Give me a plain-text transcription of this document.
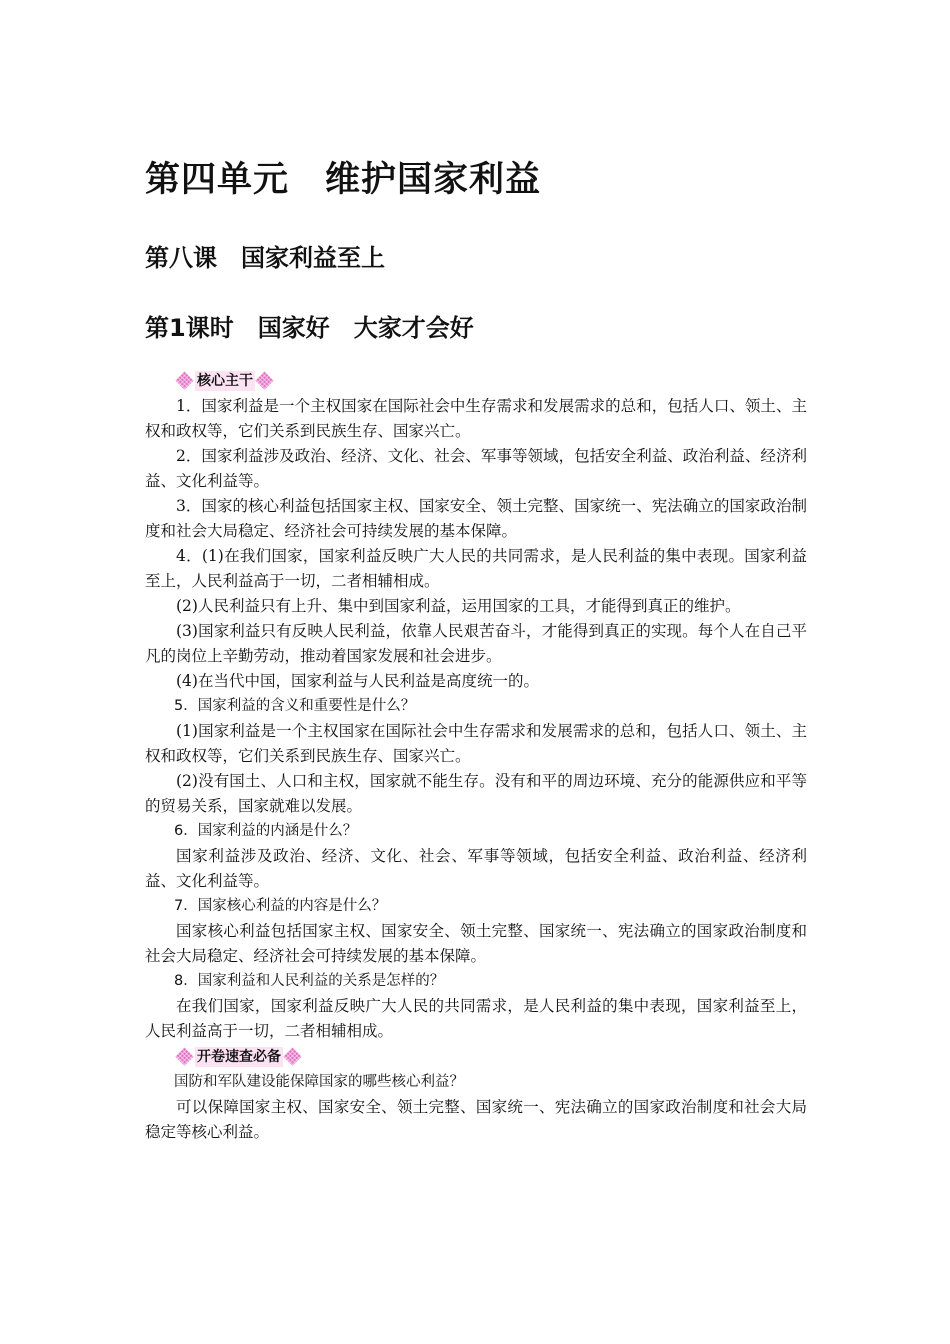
第四单元　维护国家利益
第八课　国家利益至上
第1课时　国家好　大家才会好
核心主干

1．国家利益是一个主权国家在国际社会中生存需求和发展需求的总和，包括人口、领土、主权和政权等，它们关系到民族生存、国家兴亡。

2．国家利益涉及政治、经济、文化、社会、军事等领域，包括安全利益、政治利益、经济利益、文化利益等。

3．国家的核心利益包括国家主权、国家安全、领土完整、国家统一、宪法确立的国家政治制度和社会大局稳定、经济社会可持续发展的基本保障。

4．(1)在我们国家，国家利益反映广大人民的共同需求，是人民利益的集中表现。国家利益至上，人民利益高于一切，二者相辅相成。

(2)人民利益只有上升、集中到国家利益，运用国家的工具，才能得到真正的维护。

(3)国家利益只有反映人民利益，依靠人民艰苦奋斗，才能得到真正的实现。每个人在自己平凡的岗位上辛勤劳动，推动着国家发展和社会进步。

(4)在当代中国，国家利益与人民利益是高度统一的。

5．国家利益的含义和重要性是什么？

(1)国家利益是一个主权国家在国际社会中生存需求和发展需求的总和，包括人口、领土、主权和政权等，它们关系到民族生存、国家兴亡。

(2)没有国土、人口和主权，国家就不能生存。没有和平的周边环境、充分的能源供应和平等的贸易关系，国家就难以发展。

6．国家利益的内涵是什么？

国家利益涉及政治、经济、文化、社会、军事等领域，包括安全利益、政治利益、经济利益、文化利益等。

7．国家核心利益的内容是什么？

国家核心利益包括国家主权、国家安全、领土完整、国家统一、宪法确立的国家政治制度和社会大局稳定、经济社会可持续发展的基本保障。

8．国家利益和人民利益的关系是怎样的？

在我们国家，国家利益反映广大人民的共同需求，是人民利益的集中表现，国家利益至上，人民利益高于一切，二者相辅相成。

开卷速查必备

国防和军队建设能保障国家的哪些核心利益？

可以保障国家主权、国家安全、领土完整、国家统一、宪法确立的国家政治制度和社会大局稳定等核心利益。
